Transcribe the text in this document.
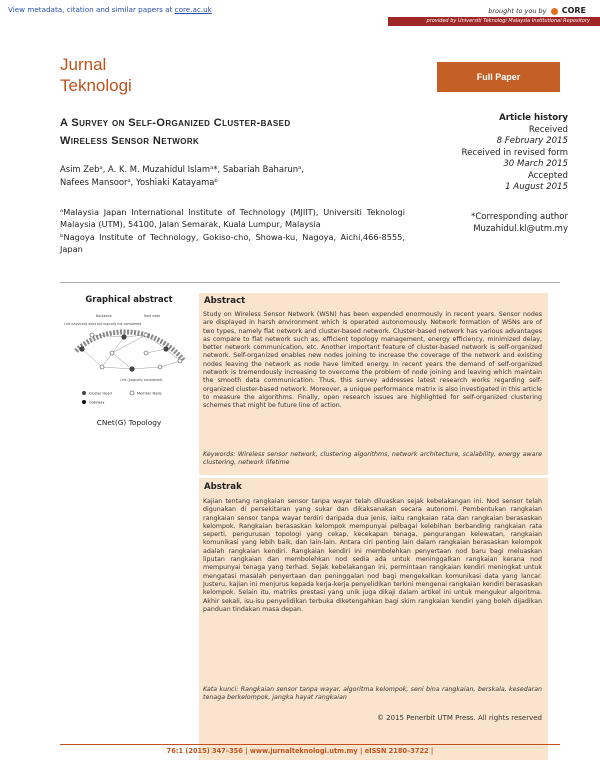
View metadata, citation and similar papers at core.ac.uk	brought to you by CORE
provided by Universiti Teknologi Malaysia Institutional Repository
Jurnal
Teknologi	Full Paper
A Survey on Self-Organized Cluster-based
Wireless Sensor Network
Article history
Received
8 February 2015
Received in revised form
30 March 2015
Accepted
1 August 2015
Asim Zebᵃ, A. K. M. Muzahidul Islamᵃ*, Sabariah Baharunᵃ,
Nafees Mansoorᵃ, Yoshiaki Katayamaᵇ
ᵃMalaysia Japan International Institute of Technology (MJIIT), Universiti Teknologi Malaysia (UTM), 54100, Jalan Semarak, Kuala Lumpur, Malaysia
ᵇNagoya Institute of Technology, Gokiso-cho, Showa-ku, Nagoya, Aichi,466-8555, Japan
*Corresponding author
Muzahidul.kl@utm.my
Graphical abstract
Link physically exist but logically not considered
Backbone	Root node
Link (Logically considered)
Cluster Head	Member Node
Gateway
CNet(G) Topology
Abstract
Study on Wireless Sensor Network (WSN) has been expended enormously in recent years. Sensor nodes are displayed in harsh environment which is operated autonomously. Network formation of WSNs are of two types, namely flat network and cluster-based network. Cluster-based network has various advantages as compare to flat network such as, efficient topology management, energy efficiency, minimized delay, better network communication, etc. Another important feature of cluster-based network is self-organized network. Self-organized enables new nodes joining to increase the coverage of the network and existing nodes leaving the network as node have limited energy. In recent years the demand of self-organized network is tremendously increasing to overcome the problem of node joining and leaving which maintain the smooth data communication. Thus, this survey addresses latest research works regarding self-organized cluster-based network. Moreover, a unique performance matrix is also investigated in this article to measure the algorithms. Finally, open research issues are highlighted for self-organized clustering schemes that might be future line of action.
Keywords: Wireless sensor network, clustering algorithms, network architecture, scalability, energy aware clustering, network lifetime
Abstrak
Kajian tentang rangkaian sensor tanpa wayar telah diluaskan sejak kebelakangan ini. Nod sensor telah digunakan di persekitaran yang sukar dan dikaksanakan secara autonomi. Pembentukan rangkaian rangkaian sensor tanpa wayar terdiri daripada dua jenis, iaitu rangkaian rata dan rangkaian berasaskan kelompok. Rangkaian berasaskan kelompok mempunyai pelbagai kelebihan berbanding rangkaian rata seperti, pengurusan topologi yang cekap, kecekapan tenaga, pengurangan kelewatan, rangkaian komunikasi yang lebih baik, dan lain-lain. Antara ciri penting lain dalam rangkaian berasaskan kelompok adalah rangkaian kendiri. Rangkaian kendiri ini membolehkan penyertaan nod baru bagi meluaskan liputan rangkaian dan membolehkan nod sedia ada untuk meninggalkan rangkaian kerana nod mempunyai tenaga yang terhad. Sejak kebelakangan ini, permintaan rangkaian kendiri meningkat untuk mengatasi masalah penyertaan dan peninggalan nod bagi mengekalkan komunikasi data yang lancar. Justeru, kajian ini menjurus kepada kerja-kerja penyelidikan terkini mengenai rangkaian kendiri berasaskan kelompok. Selain itu, matriks prestasi yang unik juga dikaji dalam artikel ini untuk mengukur algoritma. Akhir sekali, isu-isu penyelidikan terbuka diketengahkan bagi skim rangkaian kendiri yang boleh dijadikan panduan tindakan masa depan.
Kata kunci: Rangkaian sensor tanpa wayar, algoritma kelompok, seni bina rangkaian, berskala, kesedaran tenaga berkelompok, jangka hayat rangkaian
© 2015 Penerbit UTM Press. All rights reserved
76:1 (2015) 347–356 | www.jurnalteknologi.utm.my | eISSN 2180–3722 |
